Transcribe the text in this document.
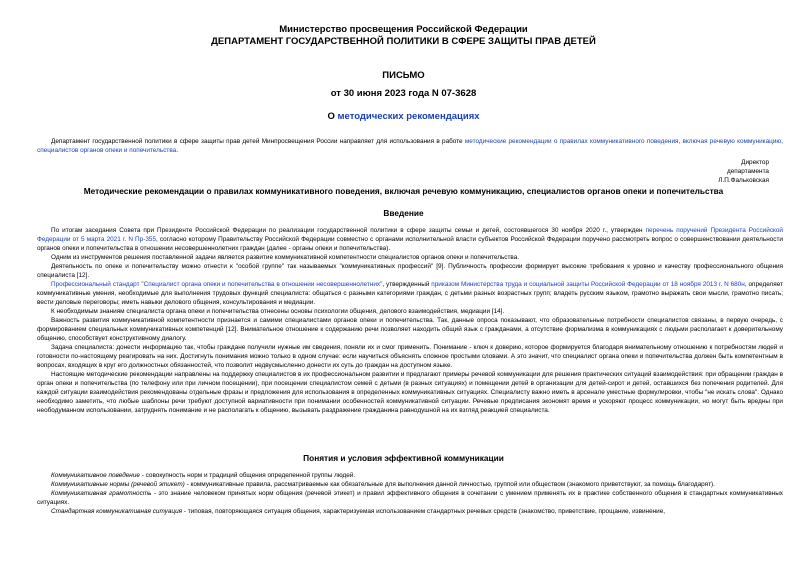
Министерство просвещения Российской Федерации
ДЕПАРТАМЕНТ ГОСУДАРСТВЕННОЙ ПОЛИТИКИ В СФЕРЕ ЗАЩИТЫ ПРАВ ДЕТЕЙ
ПИСЬМО
от 30 июня 2023 года N 07-3628
О методических рекомендациях

Департамент государственной политики в сфере защиты прав детей Минпросвещения России направляет для использования в работе методические рекомендации о правилах коммуникативного поведения, включая речевую коммуникацию, специалистов органов опеки и попечительства.

Директор

департамента

Л.П.Фальковская

Методические рекомендации о правилах коммуникативного поведения, включая речевую коммуникацию, специалистов органов опеки и попечительства

Введение

По итогам заседания Совета при Президенте Российской Федерации по реализации государственной политики в сфере защиты семьи и детей, состоявшегося 30 ноября 2020 г., утвержден перечень поручений Президента Российской Федерации от 5 марта 2021 г. N Пр-355, согласно которому Правительству Российской Федерации совместно с органами исполнительной власти субъектов Российской Федерации поручено рассмотреть вопрос о совершенствовании деятельности органов опеки и попечительства в отношении несовершеннолетних граждан (далее - органы опеки и попечительства).

Одним из инструментов решения поставленной задачи является развитие коммуникативной компетентности специалистов органов опеки и попечительства.

Деятельность по опеке и попечительству можно отнести к "особой группе" так называемых "коммуникативных профессий" [9]. Публичность профессии формирует высокие требования к уровню и качеству профессионального общения специалиста [12].

Профессиональный стандарт "Специалист органа опеки и попечительства в отношении несовершеннолетних", утвержденный приказом Министерства труда и социальной защиты Российской Федерации от 18 ноября 2013 г. N 680н, определяет коммуникативные умения, необходимые для выполнения трудовых функций специалиста: общаться с разными категориями граждан, с детьми разных возрастных групп; владеть русским языком, грамотно выражать свои мысли, грамотно писать; вести деловые переговоры; иметь навыки делового общения, консультирования и медиации.

К необходимым знаниям специалиста органа опеки и попечительства отнесены основы психологии общения, делового взаимодействия, медиации [14].

Важность развития коммуникативной компетентности признается и самими специалистами органов опеки и попечительства. Так, данные опроса показывают, что образовательные потребности специалистов связаны, в первую очередь, с формированием специальных коммуникативных компетенций [12]. Внимательное отношение к содержанию речи позволяет находить общий язык с гражданами, а отсутствие формализма в коммуникациях с людьми располагает к доверительному общению, способствует конструктивному диалогу.

Задача специалиста: донести информацию так, чтобы граждане получили нужные им сведения, поняли их и смог применить. Понимание - ключ к доверию, которое формируется благодаря внимательному отношению к потребностям людей и готовности по-настоящему реагировать на них. Достигнуть понимания можно только в одном случае: если научиться объяснять сложное простыми словами. А это значит, что специалист органа опеки и попечительства должен быть компетентным в вопросах, входящих в круг его должностных обязанностей, что позволит недвусмысленно донести их суть до граждан на доступном языке.

Настоящие методические рекомендации направлены на поддержку специалистов в их профессиональном развитии и предлагают примеры речевой коммуникации для решения практических ситуаций взаимодействия: при обращении граждан в орган опеки и попечительства (по телефону или при личном посещении), при посещении специалистом семей с детьми (в разных ситуациях) и помещении детей в организации для детей-сирот и детей, оставшихся без попечения родителей. Для каждой ситуации взаимодействия рекомендованы отдельные фразы и предложения для использования в определенных коммуникативных ситуациях. Специалисту важно иметь в арсенале уместные формулировки, чтобы "не искать слова". Однако необходимо заметить, что любые шаблоны речи требуют доступной вариативности при понимании особенностей коммуникативной ситуации. Речевые предписания экономят время и ускоряют процесс коммуникации, но могут быть вредны при неободуманном использовании, затруднять понимание и не располагать к общению, вызывать раздражение гражданина равнодушной на их взгляд реакцией специалиста.

Понятия и условия эффективной коммуникации

Коммуникативное поведение - совокупность норм и традиций общения определенной группы людей.

Коммуникативные нормы (речевой этикет) - коммуникативные правила, рассматриваемые как обязательные для выполнения данной личностью, группой или обществом (знакомого приветствуют, за помощь благодарят).

Коммуникативная грамотность - это знание человеком принятых норм общения (речевой этикет) и правил эффективного общения в сочетании с умением применять их в практике собственного общения в стандартных коммуникативных ситуациях.

Стандартная коммуникативная ситуация - типовая, повторяющаяся ситуация общения, характеризуемая использованием стандартных речевых средств (знакомство, приветствие, прощание, извинение,
